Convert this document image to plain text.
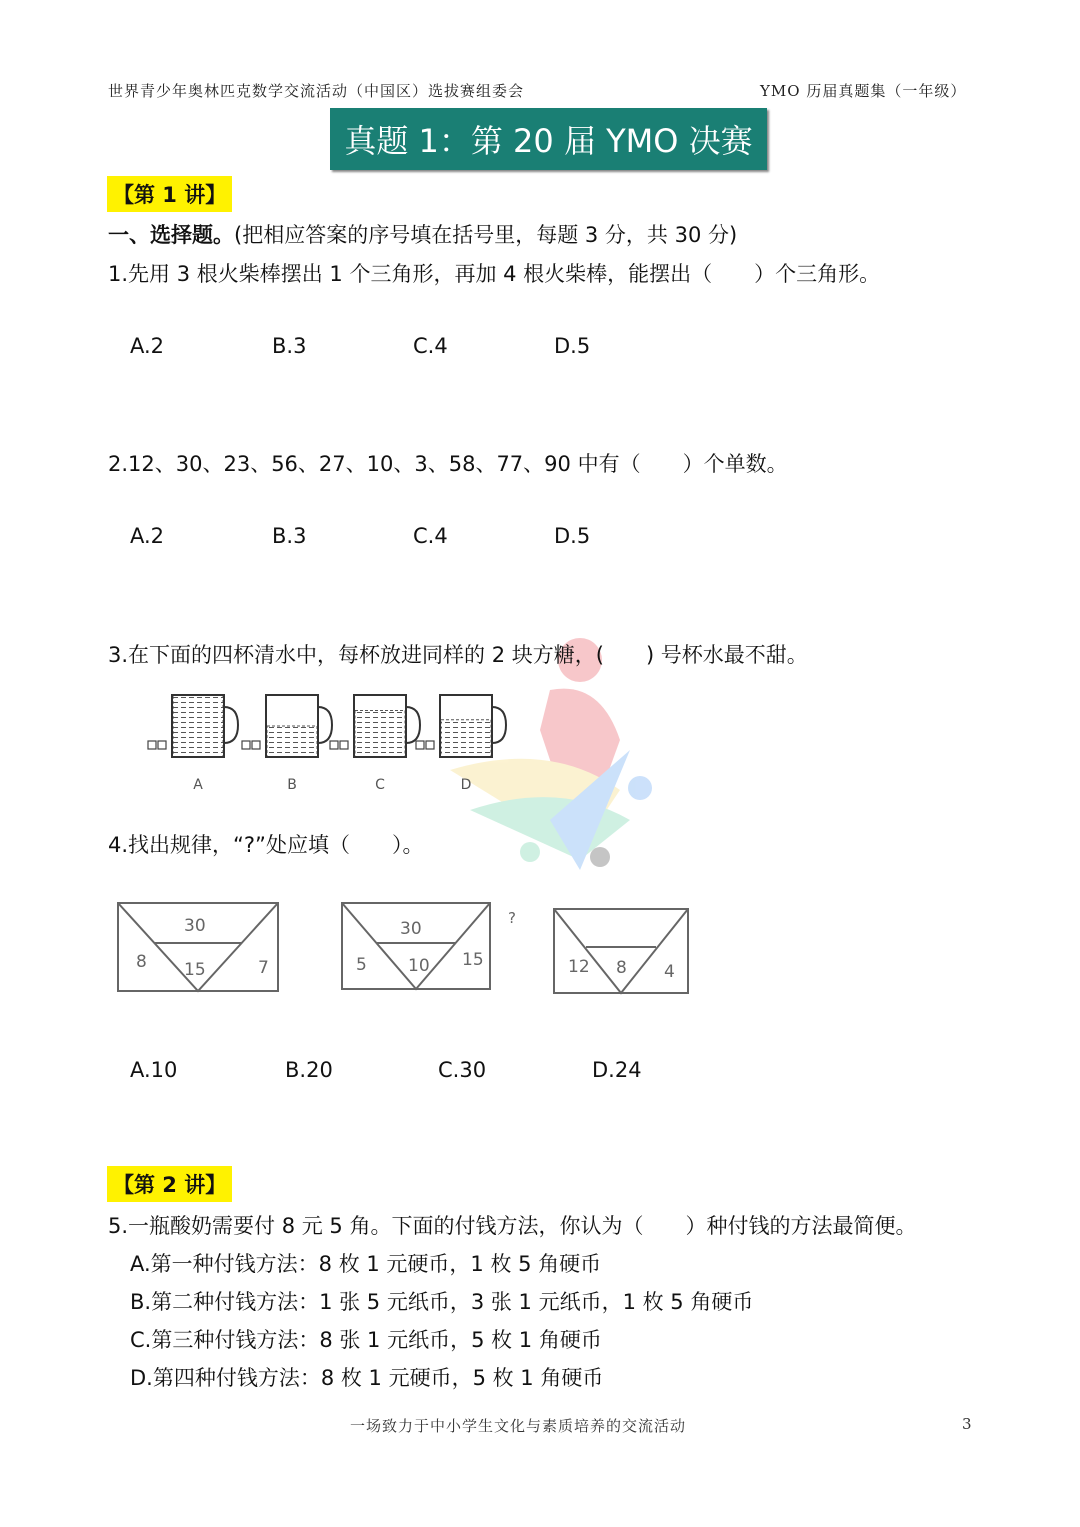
世界青少年奥林匹克数学交流活动（中国区）选拔赛组委会	YMO 历届真题集（一年级）
真题 1：第 20 届 YMO 决赛
【第 1 讲】
一、选择题。(把相应答案的序号填在括号里，每题 3 分，共 30 分)
1.先用 3 根火柴棒摆出 1 个三角形，再加 4 根火柴棒，能摆出（　　）个三角形。
A.2	B.3	C.4	D.5
2.12、30、23、56、27、10、3、58、77、90 中有（　　）个单数。
A.2	B.3	C.4	D.5
3.在下面的四杯清水中，每杯放进同样的 2 块方糖，(　　) 号杯水最不甜。
A	B	C	D
4.找出规律，“?”处应填（　　）。
30
8 15	7
30
5 10 15
?
12 8 4
A.10	B.20	C.30	D.24
【第 2 讲】
5.一瓶酸奶需要付 8 元 5 角。下面的付钱方法，你认为（　　）种付钱的方法最简便。
A.第一种付钱方法：8 枚 1 元硬币，1 枚 5 角硬币
B.第二种付钱方法：1 张 5 元纸币，3 张 1 元纸币，1 枚 5 角硬币
C.第三种付钱方法：8 张 1 元纸币，5 枚 1 角硬币
D.第四种付钱方法：8 枚 1 元硬币，5 枚 1 角硬币
一场致力于中小学生文化与素质培养的交流活动	3
